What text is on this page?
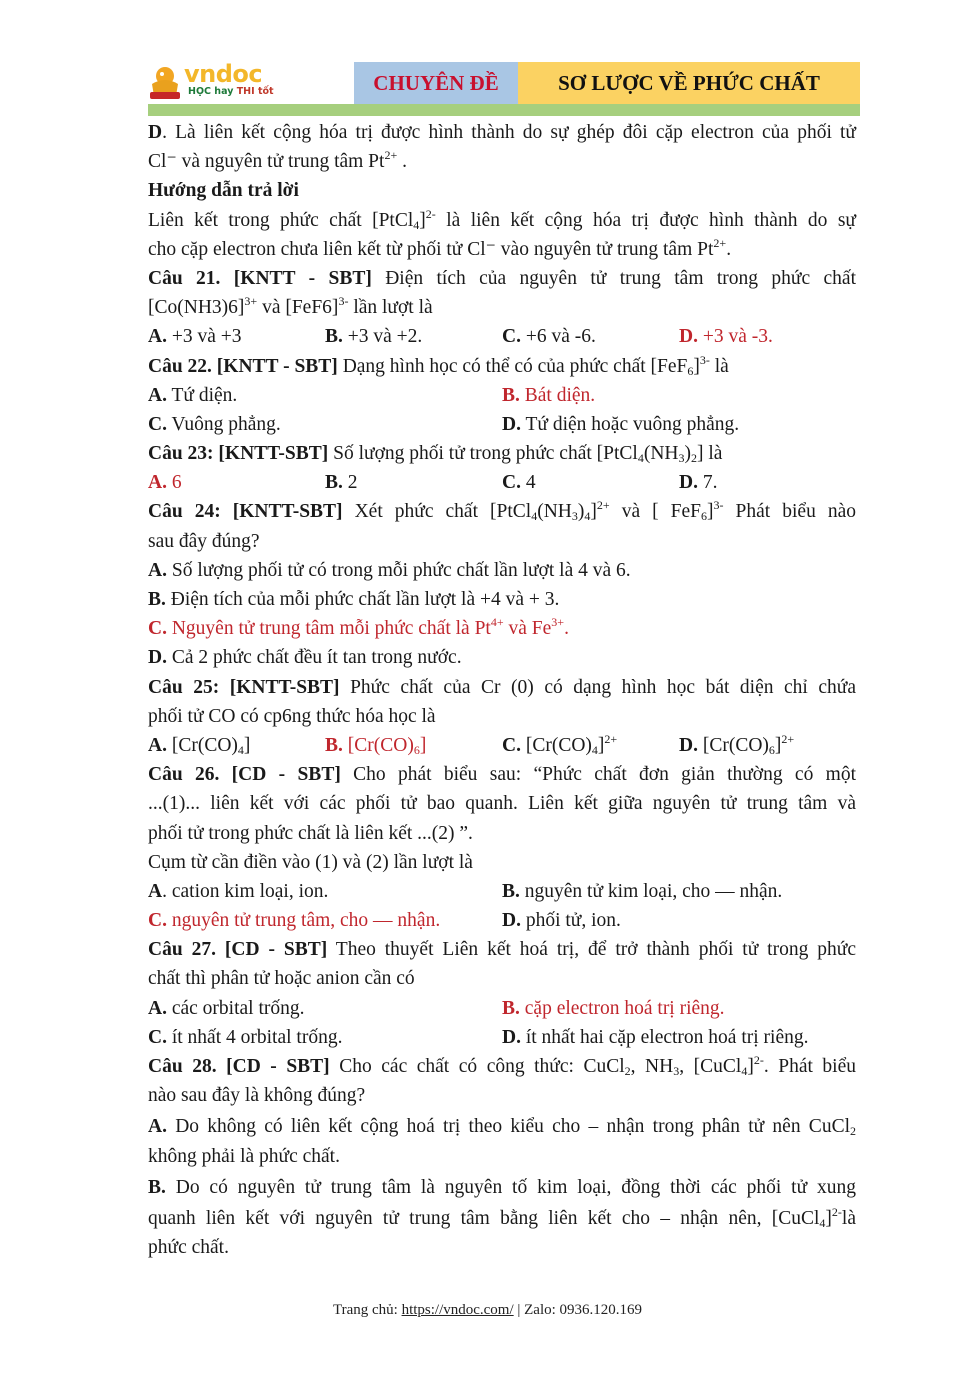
vndoc
HỌC hay THI tốt	CHUYÊN ĐỀ	SƠ LƯỢC VỀ PHỨC CHẤT
D. Là liên kết cộng hóa trị được hình thành do sự ghép đôi cặp electron của phối tử
Cl⁻ và nguyên tử trung tâm $Pt^{2+}$ .
Hướng dẫn trả lời
Liên kết trong phức chất [PtCl$_4$]$^{2-}$ là liên kết cộng hóa trị được hình thành do sự
cho cặp electron chưa liên kết từ phối tử Cl⁻ vào nguyên tử trung tâm $Pt^{2+}$.
Câu 21. [KNTT - SBT] Điện tích của nguyên tử trung tâm trong phức chất
$[Co(NH3)6]^{3+}$ và $[FeF6]^{3-}$ lần lượt là
A. +3 và +3	B. +3 và +2.	C. +6 và -6.	D. +3 và -3.
Câu 22. [KNTT - SBT] Dạng hình học có thể có của phức chất $[FeF_6]^{3-}$ là
A. Tứ diện.	B. Bát diện.
C. Vuông phẳng.	D. Tứ diện hoặc vuông phẳng.
Câu 23: [KNTT-SBT] Số lượng phối tử trong phức chất $[PtCl_4(NH_3)_2]$ là
A. 6	B. 2	C. 4	D. 7.
Câu 24: [KNTT-SBT] Xét phức chất $[PtCl_4(NH_3)_4]^{2+}$ và [ FeF$_6$]$^{3-}$ Phát biểu nào
sau đây đúng?
A. Số lượng phối tử có trong mỗi phức chất lần lượt là 4 và 6.
B. Điện tích của mỗi phức chất lần lượt là +4 và + 3.
C. Nguyên tử trung tâm mỗi phức chất là $Pt^{4+}$ và $Fe^{3+}$.
D. Cả 2 phức chất đều ít tan trong nước.
Câu 25: [KNTT-SBT] Phức chất của Cr (0) có dạng hình học bát diện chỉ chứa
phối tử CO có cp6ng thức hóa học là
A. $[Cr(CO)_4]$	B. $[Cr(CO)_6]$	C. $[Cr(CO)_4]^{2+}$	D. $[Cr(CO)_6]^{2+}$
Câu 26. [CD - SBT] Cho phát biểu sau: “Phức chất đơn giản thường có một
...(1)... liên kết với các phối tử bao quanh. Liên kết giữa nguyên tử trung tâm và
phối tử trong phức chất là liên kết ...(2) ”.
Cụm từ cần điền vào (1) và (2) lần lượt là
A. cation kim loại, ion.	B. nguyên tử kim loại, cho — nhận.
C. nguyên tử trung tâm, cho — nhận.	D. phối tử, ion.
Câu 27. [CD - SBT] Theo thuyết Liên kết hoá trị, để trở thành phối tử trong phức
chất thì phân tử hoặc anion cần có
A. các orbital trống.	B. cặp electron hoá trị riêng.
C. ít nhất 4 orbital trống.	D. ít nhất hai cặp electron hoá trị riêng.
Câu 28. [CD - SBT] Cho các chất có công thức: CuCl$_2$, $NH_3$, [CuCl$_4$]$^{2-}$. Phát biểu
nào sau đây là không đúng?
A. Do không có liên kết cộng hoá trị theo kiểu cho – nhận trong phân tử nên CuCl$_2$
không phải là phức chất.
B. Do có nguyên tử trung tâm là nguyên tố kim loại, đồng thời các phối tử xung
quanh liên kết với nguyên tử trung tâm bằng liên kết cho – nhận nên, [CuCl$_4$]$^{2-}$là
phức chất.
Trang chủ: https://vndoc.com/ | Zalo: 0936.120.169
